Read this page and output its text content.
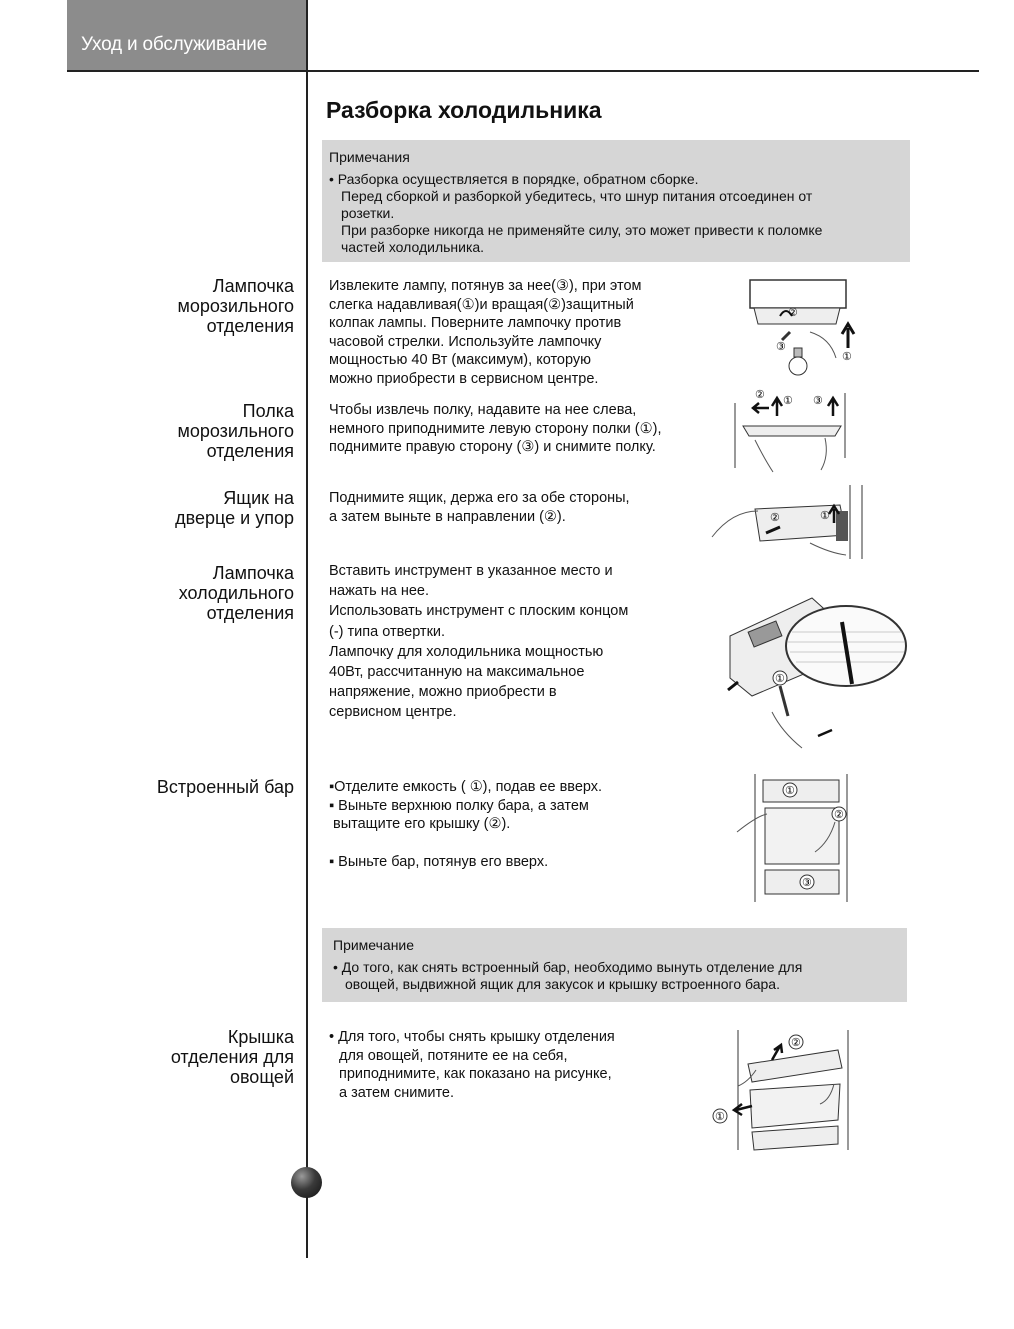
Уход и обслуживание
Разборка холодильника
Примечания
• Разборка осуществляется в порядке, обратном сборке.
Перед сборкой и разборкой убедитесь, что шнур питания отсоединен от
розетки.
При разборке никогда не применяйте силу, это может привести к поломке
частей холодильника.
Лампочка
морозильного
отделения

Извлеките лампу, потянув за нее(③), при этом

слегка надавливая(①)и вращая(②)защитный

колпак лампы. Поверните лампочку против

часовой стрелки. Используйте лампочку

мощностью 40 Вт (максимум), которую

можно приобрести в сервисном центре.

②
③
①
Полка
морозильного
отделения

Чтобы извлечь полку, надавите на нее слева,

немного приподнимите левую сторону полки (①),

поднимите правую сторону (③) и снимите полку.

② ① ③
Ящик на
дверце и упор

Поднимите ящик, держа его за обе стороны,

а затем выньте в направлении (②).	②	①
Лампочка
холодильного
отделения

Вставить инструмент в указанное место и

нажать на нее.

Использовать инструмент с плоским концом

(-) типа отвертки.

Лампочку для холодильника мощностью

40Вт, рассчитанную на максимальное

напряжение, можно приобрести в

сервисном центре.

①
Встроенный бар ▪Отделите емкость ( ①), подав ее вверх.

▪ Выньте верхнюю полку бара, а затем

вытащите его крышку (②).

▪ Выньте бар, потянув его вверх.

①
②
③
Примечание
• До того, как снять встроенный бар, необходимо вынуть отделение для
овощей, выдвижной ящик для закусок и крышку встроенного бара.
Крышка
отделения для
овощей

• Для того, чтобы снять крышку отделения

для овощей, потяните ее на себя,

приподнимите, как показано на рисунке,

а затем снимите.

②
①
